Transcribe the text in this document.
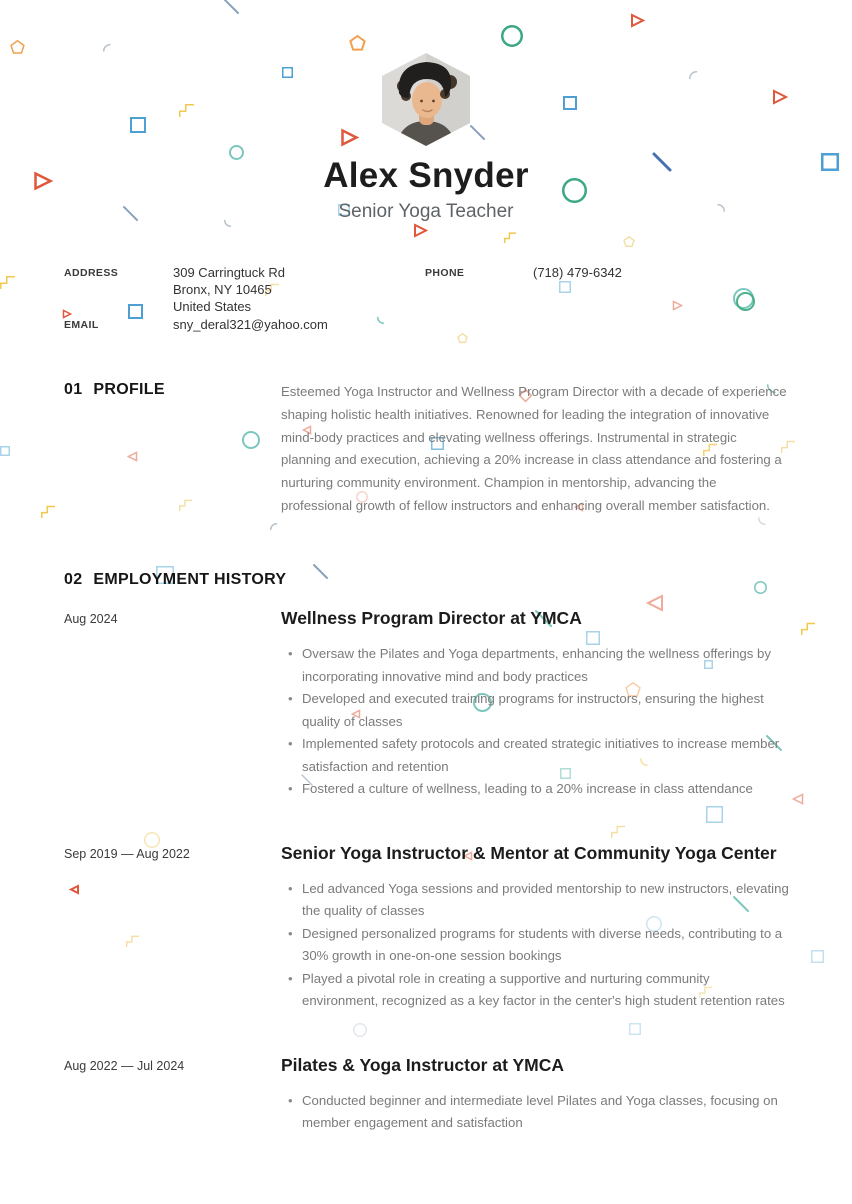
Alex Snyder
Senior Yoga Teacher
ADDRESS	309 Carringtuck Rd
Bronx, NY 10465
United States
PHONE	(718) 479-6342
EMAIL	sny_deral321@yahoo.com
01 PROFILE	Esteemed Yoga Instructor and Wellness Program Director with a decade of experience shaping holistic health initiatives. Renowned for leading the integration of innovative mind-body practices and elevating wellness offerings. Instrumental in strategic planning and execution, achieving a 20% increase in class attendance and fostering a nurturing community environment. Champion in mentorship, advancing the professional growth of fellow instructors and enhancing overall member satisfaction.
02 EMPLOYMENT HISTORY
Aug 2024	Wellness Program Director at YMCA
• Oversaw the Pilates and Yoga departments, enhancing the wellness offerings by incorporating innovative mind and body practices
• Developed and executed training programs for instructors, ensuring the highest quality of classes
• Implemented safety protocols and created strategic initiatives to increase member satisfaction and retention
• Fostered a culture of wellness, leading to a 20% increase in class attendance
Sep 2019 — Aug 2022	Senior Yoga Instructor & Mentor at Community Yoga Center
• Led advanced Yoga sessions and provided mentorship to new instructors, elevating the quality of classes
• Designed personalized programs for students with diverse needs, contributing to a 30% growth in one-on-one session bookings
• Played a pivotal role in creating a supportive and nurturing community environment, recognized as a key factor in the center's high student retention rates
Aug 2022 — Jul 2024	Pilates & Yoga Instructor at YMCA
• Conducted beginner and intermediate level Pilates and Yoga classes, focusing on member engagement and satisfaction
